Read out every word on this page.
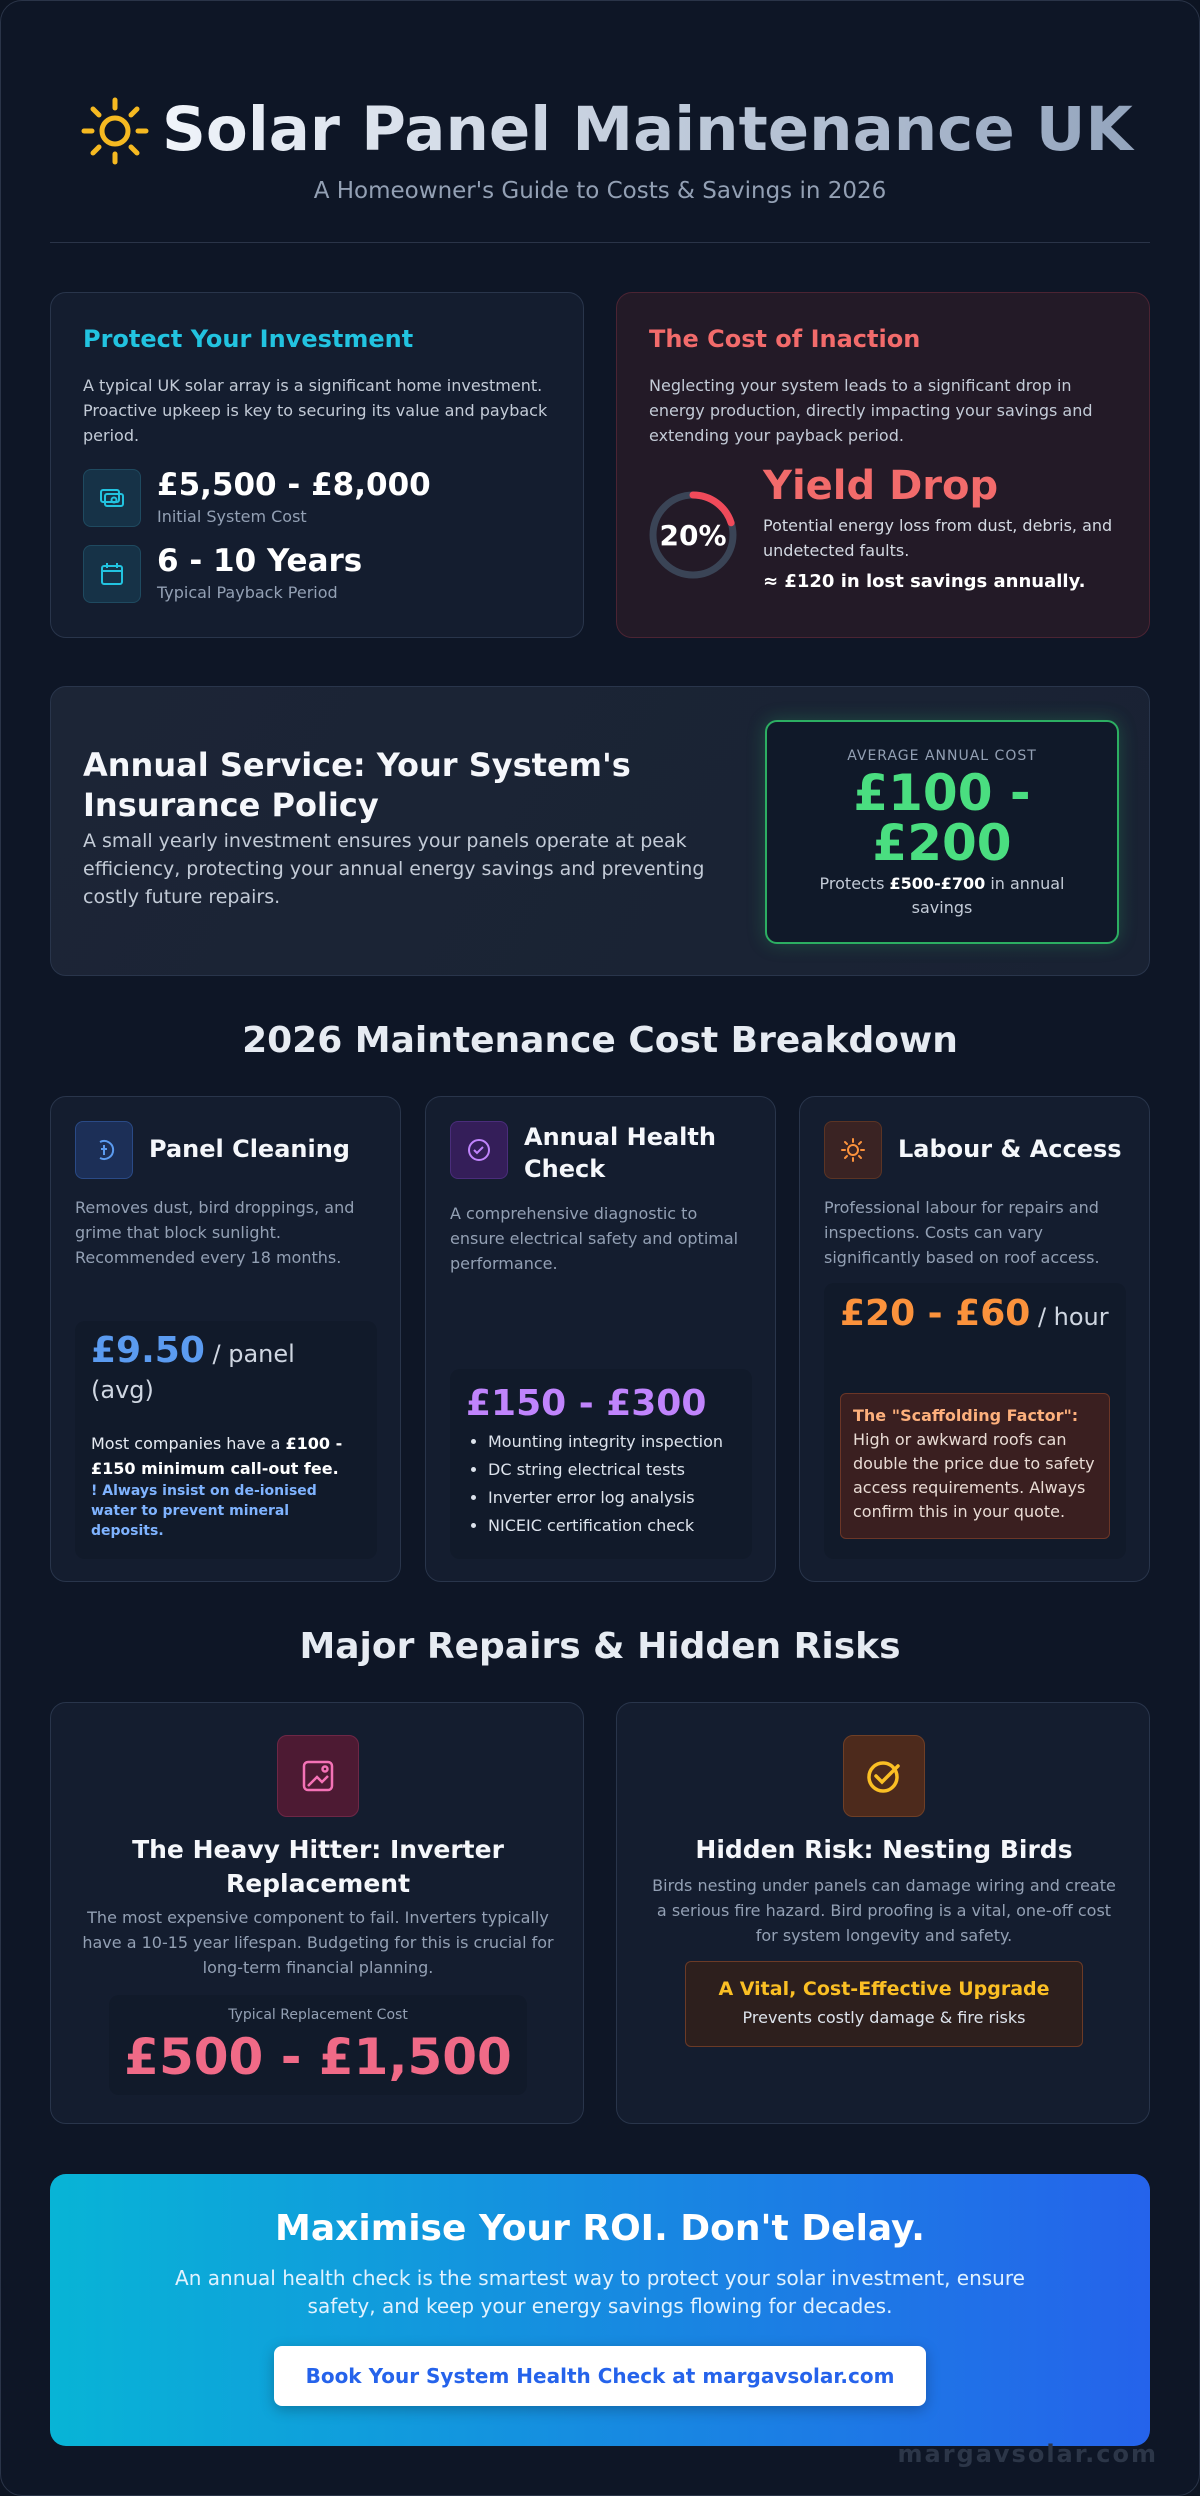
Solar Panel Maintenance UK
A Homeowner's Guide to Costs & Savings in 2026
Protect Your Investment
A typical UK solar array is a significant home investment. Proactive upkeep is key to securing its value and payback period.
£5,500 - £8,000
Initial System Cost
6 - 10 Years
Typical Payback Period
The Cost of Inaction
Neglecting your system leads to a significant drop in energy production, directly impacting your savings and extending your payback period.
20%
Yield Drop
Potential energy loss from dust, debris, and undetected faults.
≈ £120 in lost savings annually.
Annual Service: Your System's Insurance Policy
A small yearly investment ensures your panels operate at peak efficiency, protecting your annual energy savings and preventing costly future repairs.
AVERAGE ANNUAL COST
£100 - £200
Protects £500-£700 in annual savings
2026 Maintenance Cost Breakdown
Panel Cleaning
Removes dust, bird droppings, and grime that block sunlight. Recommended every 18 months.
£9.50 / panel (avg)
Most companies have a £100 - £150 minimum call-out fee.
! Always insist on de-ionised water to prevent mineral deposits.
Annual Health Check
A comprehensive diagnostic to ensure electrical safety and optimal performance.
£150 - £300
• Mounting integrity inspection
• DC string electrical tests
• Inverter error log analysis
• NICEIC certification check
Labour & Access
Professional labour for repairs and inspections. Costs can vary significantly based on roof access.
£20 - £60 / hour
The "Scaffolding Factor": High or awkward roofs can double the price due to safety access requirements. Always confirm this in your quote.
Major Repairs & Hidden Risks
The Heavy Hitter: Inverter Replacement
The most expensive component to fail. Inverters typically have a 10-15 year lifespan. Budgeting for this is crucial for long-term financial planning.
Typical Replacement Cost
£500 - £1,500
Hidden Risk: Nesting Birds
Birds nesting under panels can damage wiring and create a serious fire hazard. Bird proofing is a vital, one-off cost for system longevity and safety.
A Vital, Cost-Effective Upgrade
Prevents costly damage & fire risks
Maximise Your ROI. Don't Delay.
An annual health check is the smartest way to protect your solar investment, ensure safety, and keep your energy savings flowing for decades.
Book Your System Health Check at margavsolar.com
margavsolar.com
